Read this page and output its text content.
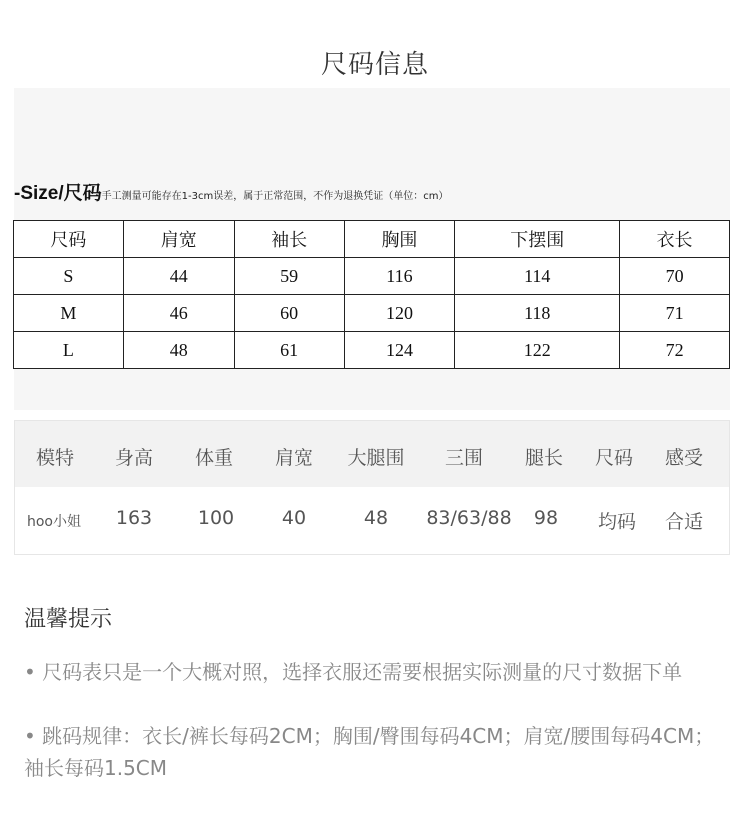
尺码信息
-Size/尺码手工测量可能存在1-3cm误差，属于正常范围，不作为退换凭证（单位：cm）
尺码	肩宽	袖长	胸围	下摆围	衣长
S	44	59	116	114	70
M	46	60	120	118	71
L	48	61	124	122	72
模特	身高	体重	肩宽	大腿围	三围	腿长	尺码	感受
hoo小姐	163	100	40	48	83/63/88	98	均码	合适
温馨提示
• 尺码表只是一个大概对照，选择衣服还需要根据实际测量的尺寸数据下单
• 跳码规律：衣长/裤长每码2CM；胸围/臀围每码4CM；肩宽/腰围每码4CM；袖长每码1.5CM
